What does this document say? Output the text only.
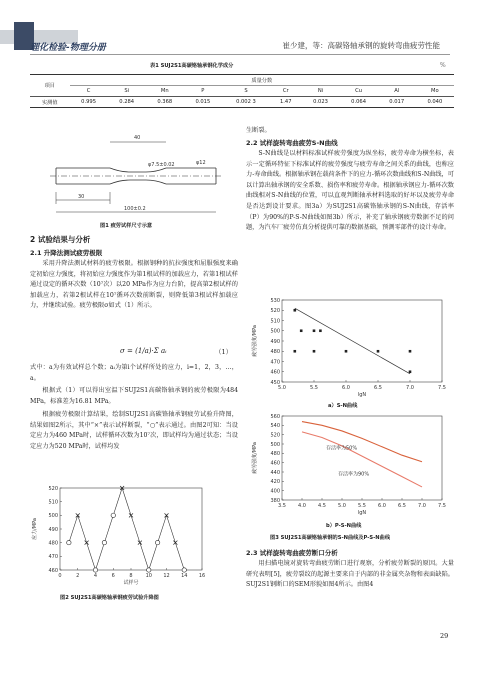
理化检验-物理分册	崔少建，等：高碳铬轴承钢的旋转弯曲疲劳性能
表1 SUJ2S1高碳铬轴承钢化学成分	%
项目	质量分数									
	C	Si	Mn	P	S	Cr	Ni	Cu	Al	Mo
实测值	0.995	0.284	0.368	0.015	0.002 3	1.47	0.023	0.064	0.017	0.040
40
30
100±0.2
φ12
φ7.5±0.02
图1 疲劳试样尺寸示意
2 试验结果与分析
2.1 升降法测试疲劳极限
采用升降法测试材料的疲劳极限。根据钢种的抗拉强度和屈服强度来确定初始应力强度，将初始应力强度作为第1根试样的加载应力，若第1根试样通过设定的循环次数（10⁷次）以20 MPa作为应力台阶，提高第2根试样的加载应力，若第2根试样在10⁷循环次数前断裂，则降低第3根试样加载应力，并继续试验。疲劳极限σ如式（1）所示。
σ = (1/a)·Σ aᵢ	（1）
式中：a为有效试样总个数；aᵢ为第i个试样所处的应力，i=1，2，3，…，a。
根据式（1）可以得出室温下SUJ2S1高碳铬轴承钢的疲劳极限为484 MPa，标准差为16.81 MPa。
根据疲劳极限计算结果，绘制SUJ2S1高碳铬轴承钢疲劳试验升降图，结果如图2所示，其中“×”表示试样断裂，“○”表示通过。由图2可知：当设定应力为460 MPa时，试样循环次数为10⁷次，即试样均为通过状态；当设定应力为520 MPa时，试样均发
0	2	4	6	8	10 12 14 16
460
470
480
490
500
510
520
试样号
应力/MPa
图2 SUJ2S1高碳铬轴承钢疲劳试验升降图
生断裂。
2.2 试样旋转弯曲疲劳S-N曲线
S-N曲线是以材料标准试样疲劳强度为纵坐标，疲劳寿命为横坐标，表示一定循环特征下标准试样的疲劳强度与疲劳寿命之间关系的曲线，也称应力-寿命曲线。根据轴承钢在载荷条件下的应力-循环次数曲线和S-N曲线，可以计算出轴承钢的安全系数、损伤率和疲劳寿命。根据轴承钢应力-循环次数曲线相对S-N曲线的位置，可以直观判断轴承材料选取的好坏以及疲劳寿命是否达到设计要求。图3a）为SUJ2S1高碳铬轴承钢的S-N曲线，存活率（P）为90%的P-S-N曲线如图3b）所示，补充了轴承钢疲劳数据不足的问题，为汽车厂疲劳仿真分析提供可靠的数据基础，预测零部件的设计寿命。
5.0	5.5	6.0	6.5	7.0	7.5
450
460
470
480
490
500
510
520
530
lgN
疲劳强度/MPa
a）S-N曲线
3.5 4.0 4.5 5.0 5.5 6.0 6.5 7.0 7.5
380
400
420
440
460
480
500
520
540
560
lgN
疲劳强度/MPa	存活率为50%
存活率为90%
b）P-S-N曲线
图3 SUJ2S1高碳铬轴承钢的S-N曲线及P-S-N曲线
2.3 试样旋转弯曲疲劳断口分析
用扫描电镜对旋转弯曲疲劳断口进行观察，分析疲劳断裂的原因。大量研究表明[5]，疲劳裂纹的起源主要来自于内部的非金属夹杂物和表面缺陷。SUJ2S1钢断口的SEM形貌如图4所示。由图4
29
